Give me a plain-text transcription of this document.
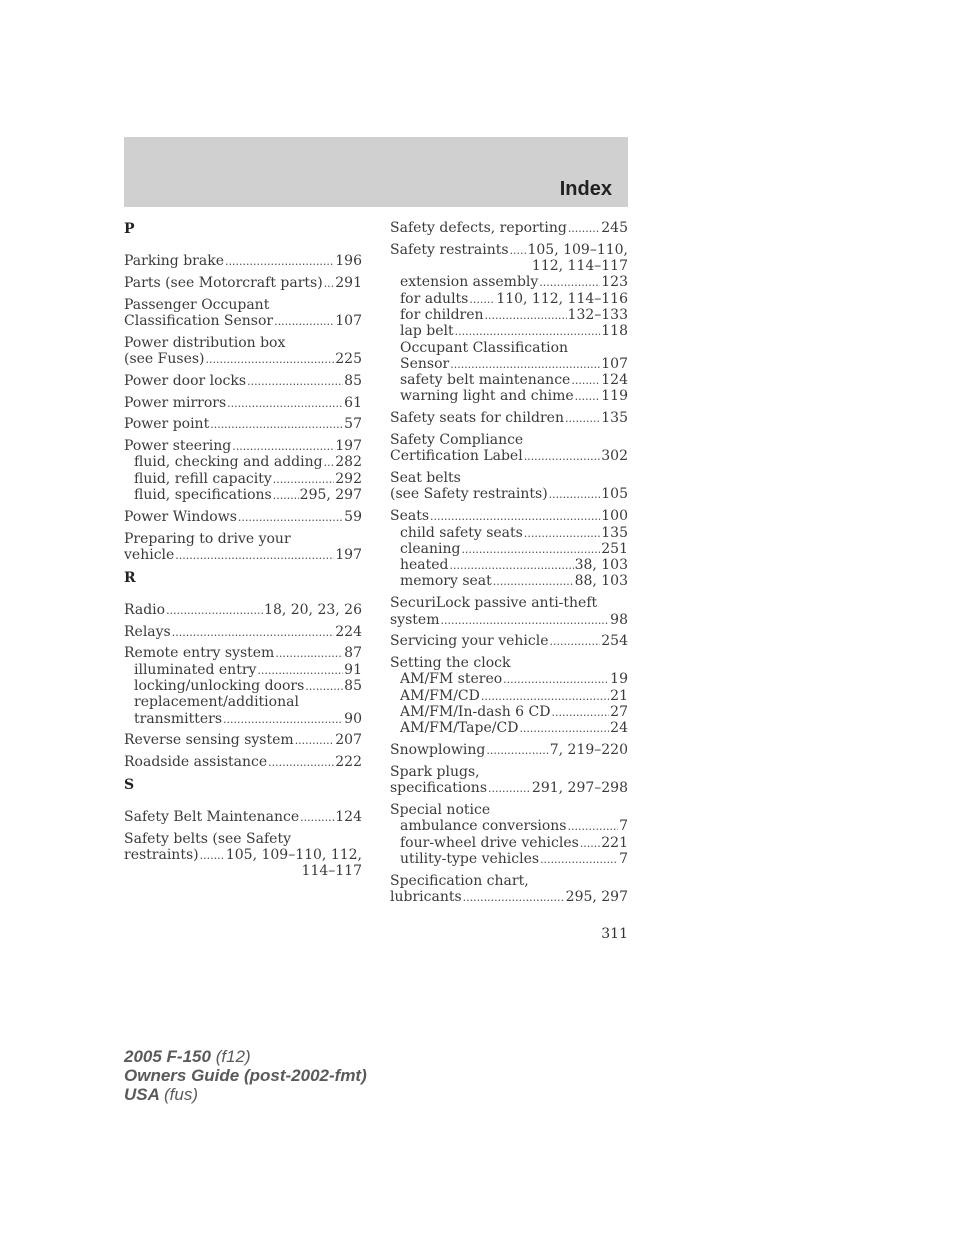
Index
P
Parking brake .....	196
Parts (see Motorcraft parts) ..... 291
Passenger Occupant
Classification Sensor .....	107
Power distribution box
(see Fuses) .....	225
Power door locks .....	85
Power mirrors .....	61
Power point .....	57
Power steering .....	197
fluid, checking and adding ..... 282
fluid, refill capacity .....	292
fluid, specifications ..... 295, 297
Power Windows .....	59
Preparing to drive your
vehicle .....	197
R
Radio .....	18, 20, 23, 26
Relays .....	224
Remote entry system .....	87
illuminated entry .....	91
locking/unlocking doors .....	85
replacement/additional
transmitters .....	90
Reverse sensing system .....	207
Roadside assistance .....	222
S
Safety Belt Maintenance .....	124
Safety belts (see Safety
restraints) ..... 105, 109–110, 112,
114–117
Safety defects, reporting ..... 245
Safety restraints ..... 105, 109–110,
112, 114–117
extension assembly .....	123
for adults ..... 110, 112, 114–116
for children .....	132–133
lap belt .....	118
Occupant Classification
Sensor .....	107
safety belt maintenance ..... 124
warning light and chime ..... 119
Safety seats for children .....	135
Safety Compliance
Certification Label .....	302
Seat belts
(see Safety restraints) .....	105
Seats .....	100
child safety seats .....	135
cleaning .....	251
heated .....	38, 103
memory seat .....	88, 103
SecuriLock passive anti-theft
system .....	98
Servicing your vehicle .....	254
Setting the clock
AM/FM stereo .....	19
AM/FM/CD .....	21
AM/FM/In-dash 6 CD .....	27
AM/FM/Tape/CD .....	24
Snowplowing .....	7, 219–220
Spark plugs,
specifications .....	291, 297–298
Special notice
ambulance conversions .....	7
four-wheel drive vehicles ..... 221
utility-type vehicles .....	7
Specification chart,
lubricants .....	295, 297
311
2005 F-150 (f12)
Owners Guide (post-2002-fmt)
USA (fus)
